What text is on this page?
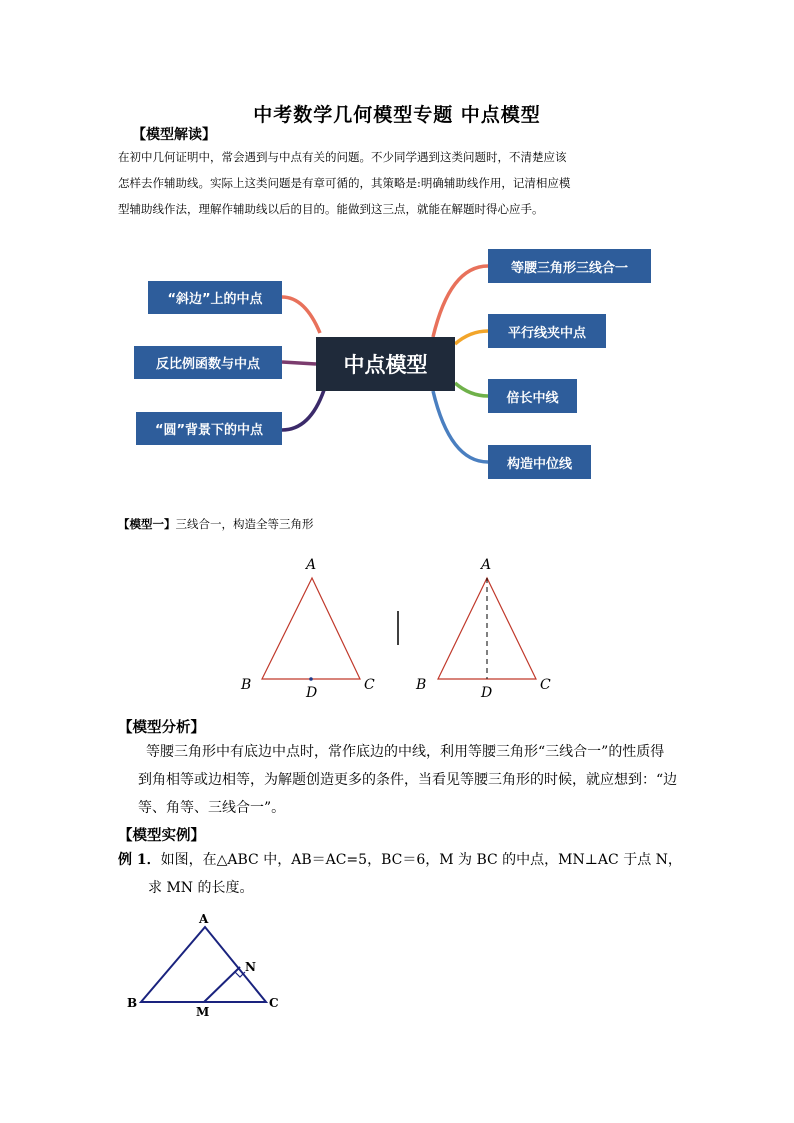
中考数学几何模型专题 中点模型
【模型解读】
在初中几何证明中，常会遇到与中点有关的问题。不少同学遇到这类问题时，不清楚应该
怎样去作辅助线。实际上这类问题是有章可循的，其策略是:明确辅助线作用，记清相应模
型辅助线作法，理解作辅助线以后的目的。能做到这三点，就能在解题时得心应手。
中点模型
“斜边”上的中点
反比例函数与中点
“圆”背景下的中点
等腰三角形三线合一
平行线夹中点
倍长中线
构造中位线
【模型一】三线合一，构造全等三角形
A
B	C
D
A
B	C
D
【模型分析】
等腰三角形中有底边中点时，常作底边的中线，利用等腰三角形“三线合一”的性质得
到角相等或边相等，为解题创造更多的条件，当看见等腰三角形的时候，就应想到：“边
等、角等、三线合一”。
【模型实例】
例 1．如图，在△ABC 中，AB＝AC=5，BC＝6，M 为 BC 的中点，MN⊥AC 于点 N，
求 MN 的长度。
A
B	C
M
N
